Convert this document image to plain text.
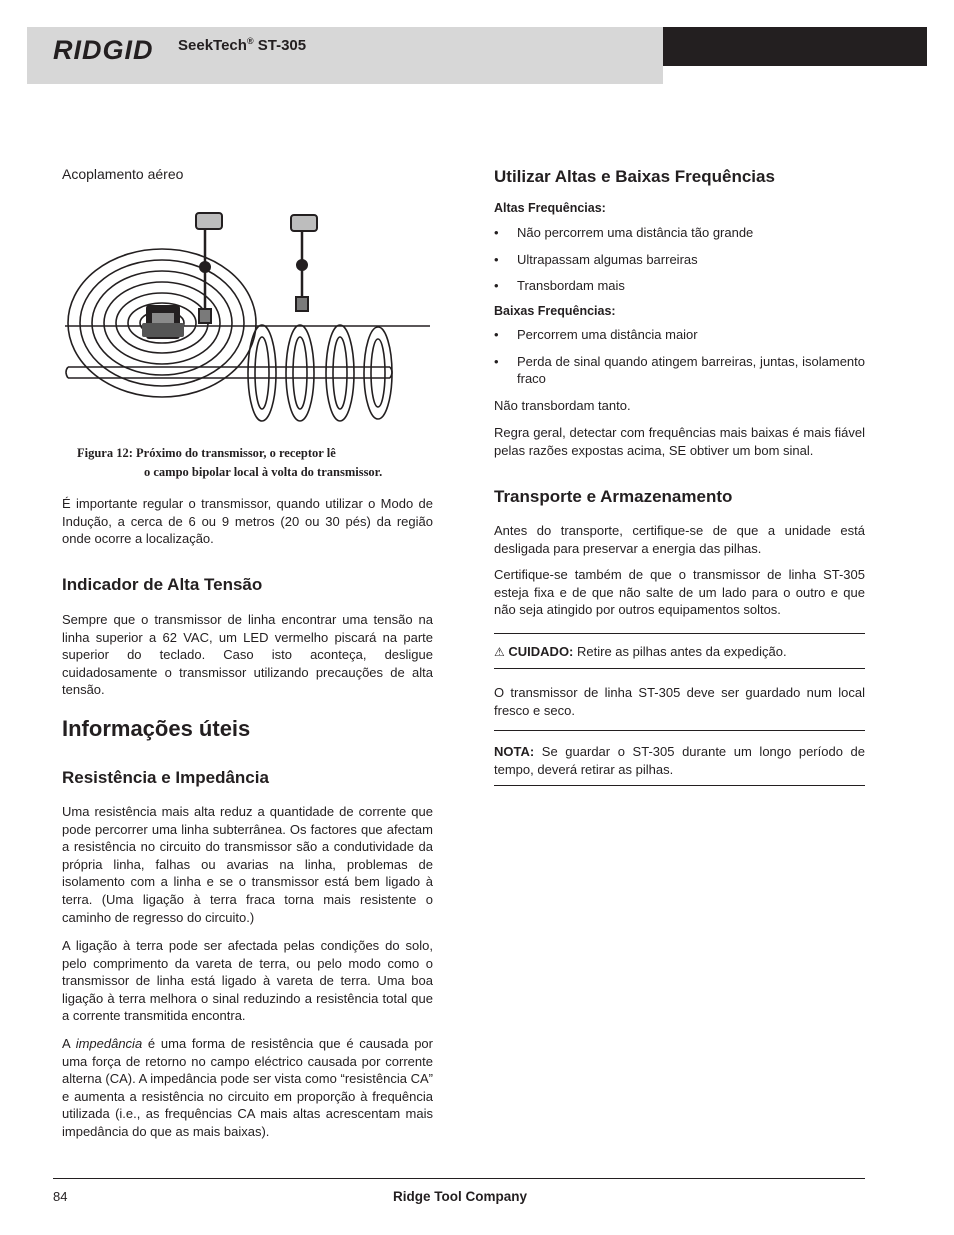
RIDGID SeekTech® ST-305
Acoplamento aéreo
Figura 12: Próximo do transmissor, o receptor lê
o campo bipolar local à volta do transmissor.

É importante regular o transmissor, quando utilizar o Modo de Indução, a cerca de 6 ou 9 metros (20 ou 30 pés) da região onde ocorre a localização.

Indicador de Alta Tensão

Sempre que o transmissor de linha encontrar uma tensão na linha superior a 62 VAC, um LED vermelho piscará na parte superior do teclado. Caso isto aconteça, desligue cuidadosamente o transmissor utilizando precauções de alta tensão.

Informações úteis
Resistência e Impedância

Uma resistência mais alta reduz a quantidade de corrente que pode percorrer uma linha subterrânea. Os factores que afectam a resistência no circuito do transmissor são a condutividade da própria linha, falhas ou avarias na linha, problemas de isolamento com a linha e se o transmissor está bem ligado à terra. (Uma ligação à terra fraca torna mais resistente o caminho de regresso do circuito.)

A ligação à terra pode ser afectada pelas condições do solo, pelo comprimento da vareta de terra, ou pelo modo como o transmissor de linha está ligado à vareta de terra. Uma boa ligação à terra melhora o sinal reduzindo a resistência total que a corrente transmitida encontra.

A impedância é uma forma de resistência que é causada por uma força de retorno no campo eléctrico causada por corrente alterna (CA). A impedância pode ser vista como “resistência CA” e aumenta a resistência no circuito em proporção à frequência utilizada (i.e., as frequências CA mais altas acrescentam mais impedância do que as mais baixas).

Utilizar Altas e Baixas Frequências
Altas Frequências:
• Não percorrem uma distância tão grande
• Ultrapassam algumas barreiras
• Transbordam mais
Baixas Frequências:
• Percorrem uma distância maior
• Perda de sinal quando atingem barreiras, juntas, isolamento fraco

Não transbordam tanto.

Regra geral, detectar com frequências mais baixas é mais fiável pelas razões expostas acima, SE obtiver um bom sinal.

Transporte e Armazenamento

Antes do transporte, certifique-se de que a unidade está desligada para preservar a energia das pilhas.

Certifique-se também de que o transmissor de linha ST-305 esteja fixa e de que não salte de um lado para o outro e que não seja atingido por outros equipamentos soltos.

⚠ CUIDADO: Retire as pilhas antes da expedição.

O transmissor de linha ST-305 deve ser guardado num local fresco e seco.

NOTA: Se guardar o ST-305 durante um longo período de tempo, deverá retirar as pilhas.

84	Ridge Tool Company
